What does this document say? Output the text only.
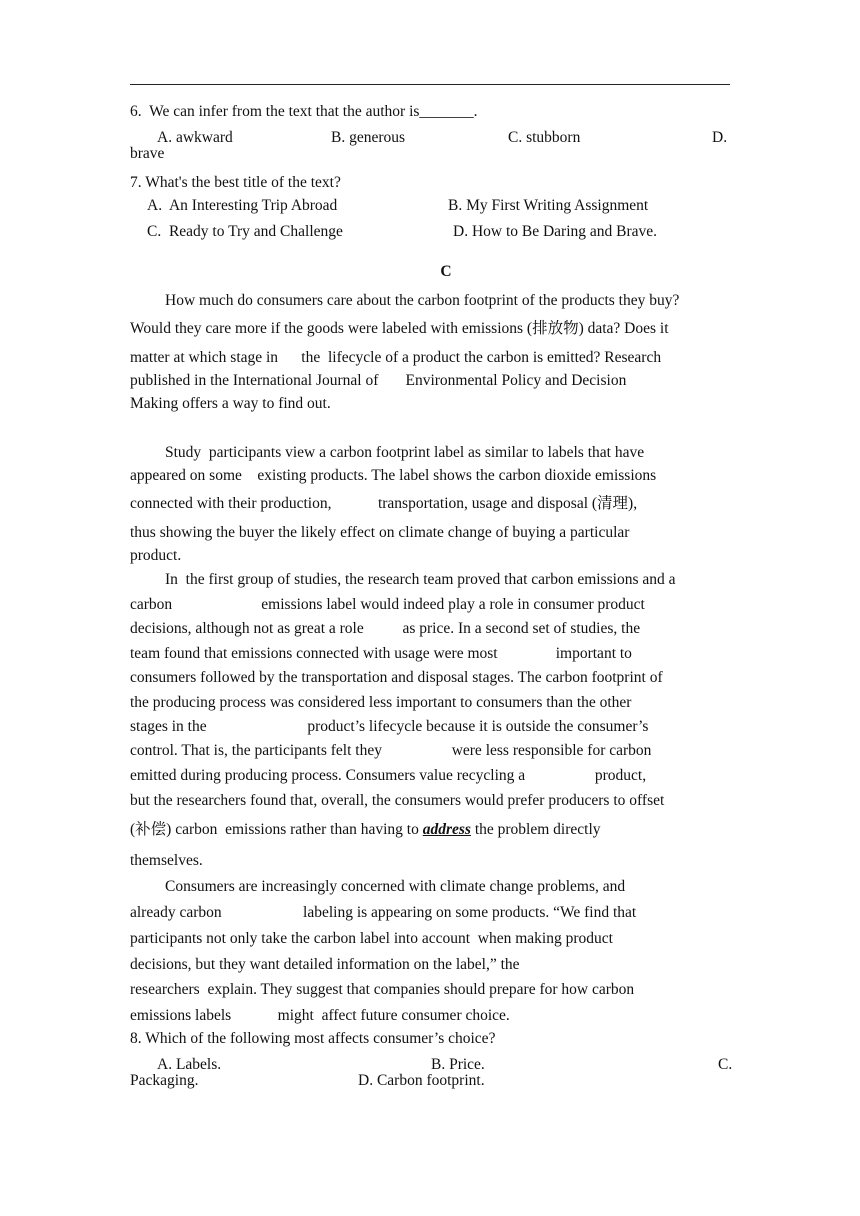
6.  We can infer from the text that the author is_______.
A. awkward	B. generous	C. stubborn	D.
brave
7. What's the best title of the text?
A.  An Interesting Trip Abroad	B. My First Writing Assignment
C.  Ready to Try and Challenge	D. How to Be Daring and Brave.
C
How much do consumers care about the carbon footprint of the products they buy?
Would they care more if the goods were labeled with emissions (排放物) data? Does it
matter at which stage in      the  lifecycle of a product the carbon is emitted? Research
published in the International Journal of       Environmental Policy and Decision
Making offers a way to find out.
Study  participants view a carbon footprint label as similar to labels that have
appeared on some    existing products. The label shows the carbon dioxide emissions
connected with their production,            transportation, usage and disposal (清理),
thus showing the buyer the likely effect on climate change of buying a particular
product.
In  the first group of studies, the research team proved that carbon emissions and a
carbon                       emissions label would indeed play a role in consumer product
decisions, although not as great a role          as price. In a second set of studies, the
team found that emissions connected with usage were most               important to
consumers followed by the transportation and disposal stages. The carbon footprint of
the producing process was considered less important to consumers than the other
stages in the                          product’s lifecycle because it is outside the consumer’s
control. That is, the participants felt they                  were less responsible for carbon
emitted during producing process. Consumers value recycling a                  product,
but the researchers found that, overall, the consumers would prefer producers to offset
(补偿) carbon  emissions rather than having to address the problem directly
themselves.
Consumers are increasingly concerned with climate change problems, and
already carbon                     labeling is appearing on some products. “We find that
participants not only take the carbon label into account  when making product
decisions, but they want detailed information on the label,” the
researchers  explain. They suggest that companies should prepare for how carbon
emissions labels            might  affect future consumer choice.
8. Which of the following most affects consumer’s choice?
A. Labels.	B. Price.	C.
Packaging.	D. Carbon footprint.
